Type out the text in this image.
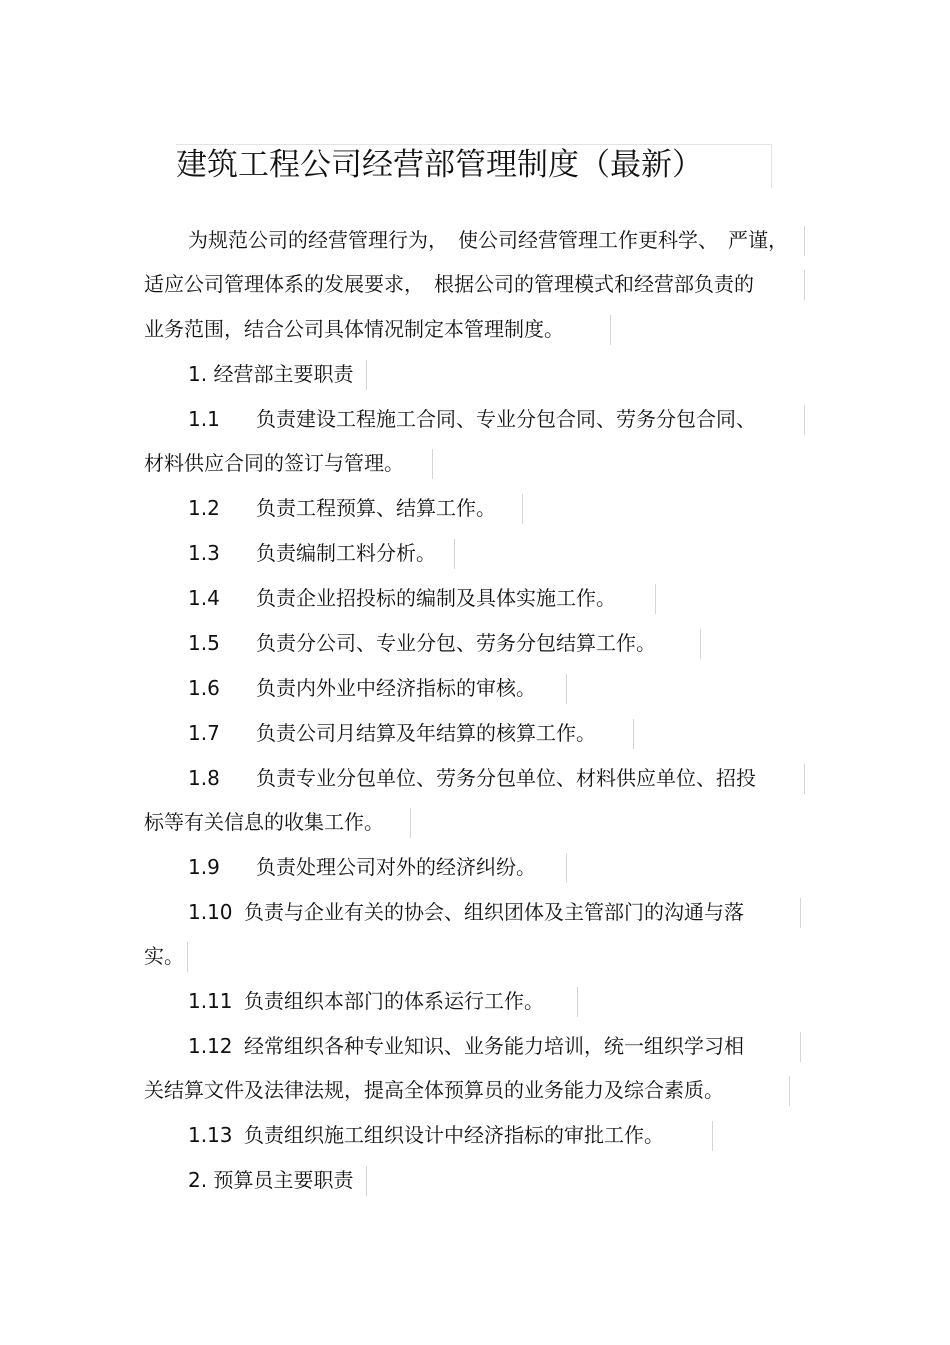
建筑工程公司经营部管理制度（最新）
为规范公司的经营管理行为，　使公司经营管理工作更科学、　严谨，
适应公司管理体系的发展要求，　根据公司的管理模式和经营部负责的
业务范围，结合公司具体情况制定本管理制度。
1. 经营部主要职责
1.1 负责建设工程施工合同、专业分包合同、劳务分包合同、
材料供应合同的签订与管理。
1.2 负责工程预算、结算工作。
1.3 负责编制工料分析。
1.4 负责企业招投标的编制及具体实施工作。
1.5 负责分公司、专业分包、劳务分包结算工作。
1.6 负责内外业中经济指标的审核。
1.7 负责公司月结算及年结算的核算工作。
1.8 负责专业分包单位、劳务分包单位、材料供应单位、招投
标等有关信息的收集工作。
1.9 负责处理公司对外的经济纠纷。
1.10 负责与企业有关的协会、组织团体及主管部门的沟通与落
实。
1.11 负责组织本部门的体系运行工作。
1.12 经常组织各种专业知识、业务能力培训，统一组织学习相
关结算文件及法律法规，提高全体预算员的业务能力及综合素质。
1.13 负责组织施工组织设计中经济指标的审批工作。
2. 预算员主要职责
